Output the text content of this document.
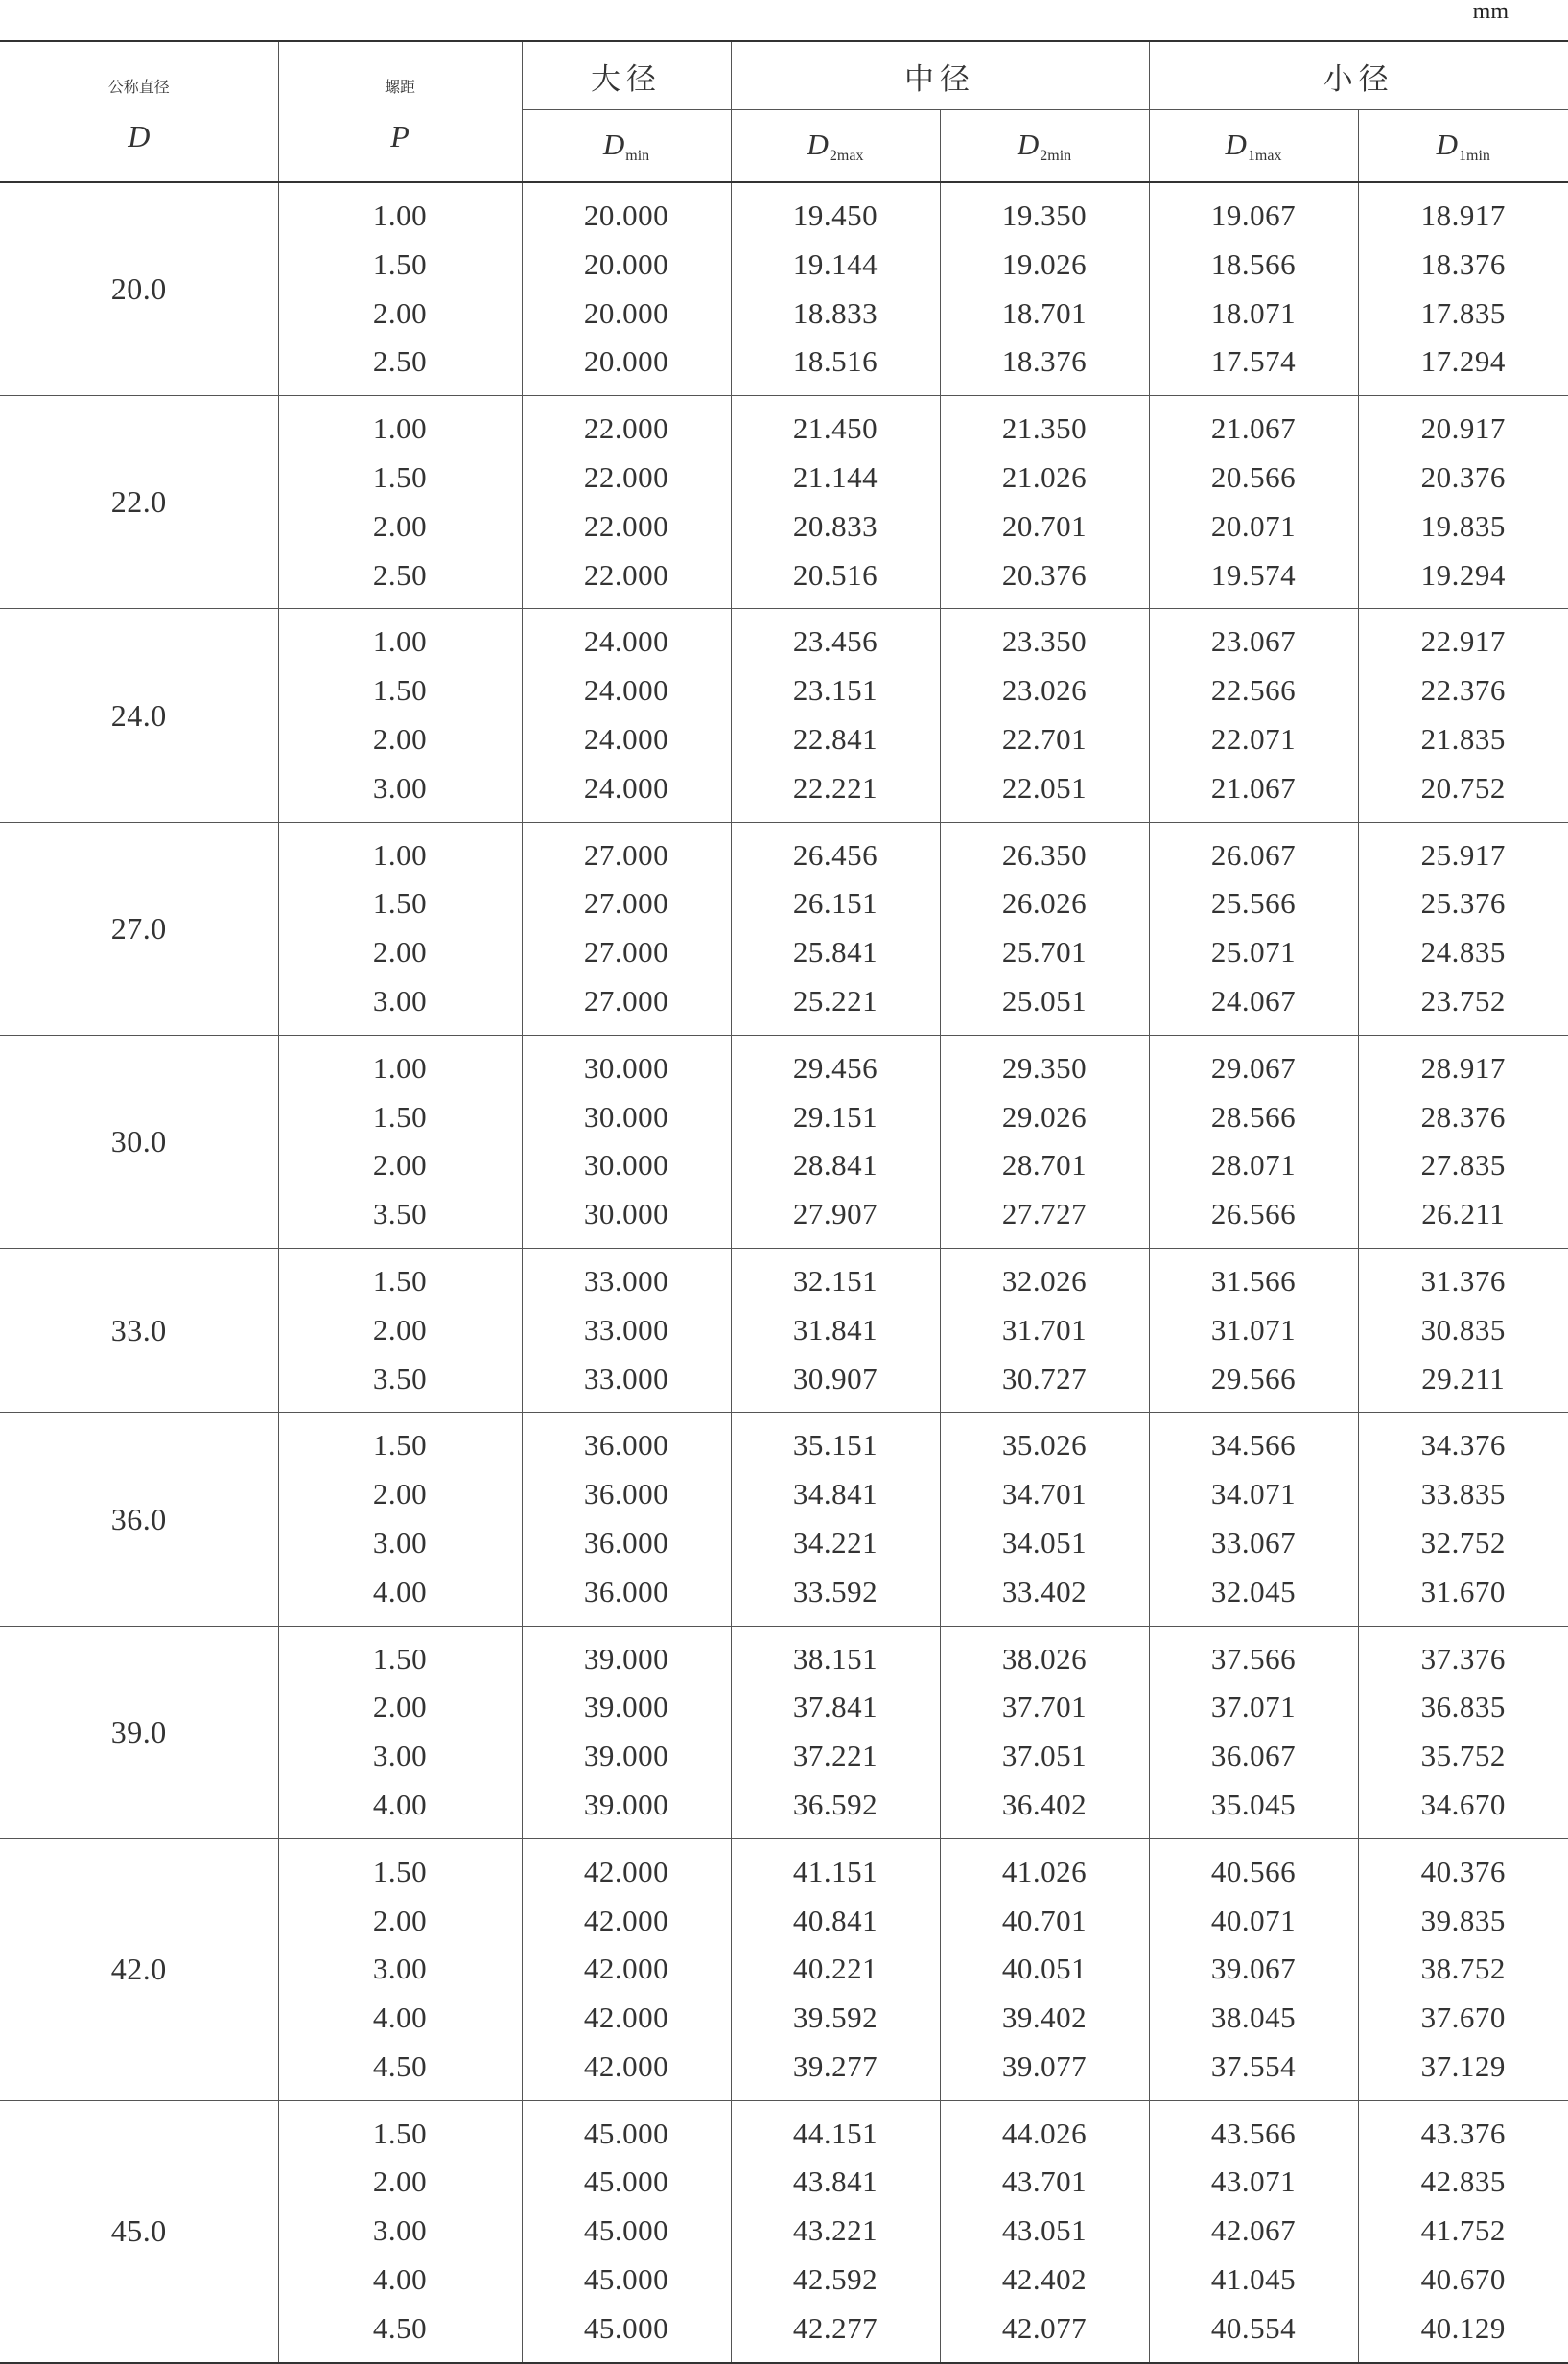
mm
公称直径
D	螺距
P	大径	中径		小径	
		$D_{min}$	$D_{2max}$	$D_{2min}$	$D_{1max}$	$D_{1min}$
20.0	1.00	20.000	19.450	19.350	19.067	18.917
	1.50	20.000	19.144	19.026	18.566	18.376
	2.00	20.000	18.833	18.701	18.071	17.835
	2.50	20.000	18.516	18.376	17.574	17.294
22.0	1.00	22.000	21.450	21.350	21.067	20.917
	1.50	22.000	21.144	21.026	20.566	20.376
	2.00	22.000	20.833	20.701	20.071	19.835
	2.50	22.000	20.516	20.376	19.574	19.294
24.0	1.00	24.000	23.456	23.350	23.067	22.917
	1.50	24.000	23.151	23.026	22.566	22.376
	2.00	24.000	22.841	22.701	22.071	21.835
	3.00	24.000	22.221	22.051	21.067	20.752
27.0	1.00	27.000	26.456	26.350	26.067	25.917
	1.50	27.000	26.151	26.026	25.566	25.376
	2.00	27.000	25.841	25.701	25.071	24.835
	3.00	27.000	25.221	25.051	24.067	23.752
30.0	1.00	30.000	29.456	29.350	29.067	28.917
	1.50	30.000	29.151	29.026	28.566	28.376
	2.00	30.000	28.841	28.701	28.071	27.835
	3.50	30.000	27.907	27.727	26.566	26.211
33.0	1.50	33.000	32.151	32.026	31.566	31.376
	2.00	33.000	31.841	31.701	31.071	30.835
	3.50	33.000	30.907	30.727	29.566	29.211
36.0	1.50	36.000	35.151	35.026	34.566	34.376
	2.00	36.000	34.841	34.701	34.071	33.835
	3.00	36.000	34.221	34.051	33.067	32.752
	4.00	36.000	33.592	33.402	32.045	31.670
39.0	1.50	39.000	38.151	38.026	37.566	37.376
	2.00	39.000	37.841	37.701	37.071	36.835
	3.00	39.000	37.221	37.051	36.067	35.752
	4.00	39.000	36.592	36.402	35.045	34.670
42.0	1.50	42.000	41.151	41.026	40.566	40.376
	2.00	42.000	40.841	40.701	40.071	39.835
	3.00	42.000	40.221	40.051	39.067	38.752
	4.00	42.000	39.592	39.402	38.045	37.670
	4.50	42.000	39.277	39.077	37.554	37.129
45.0	1.50	45.000	44.151	44.026	43.566	43.376
	2.00	45.000	43.841	43.701	43.071	42.835
	3.00	45.000	43.221	43.051	42.067	41.752
	4.00	45.000	42.592	42.402	41.045	40.670
	4.50	45.000	42.277	42.077	40.554	40.129
